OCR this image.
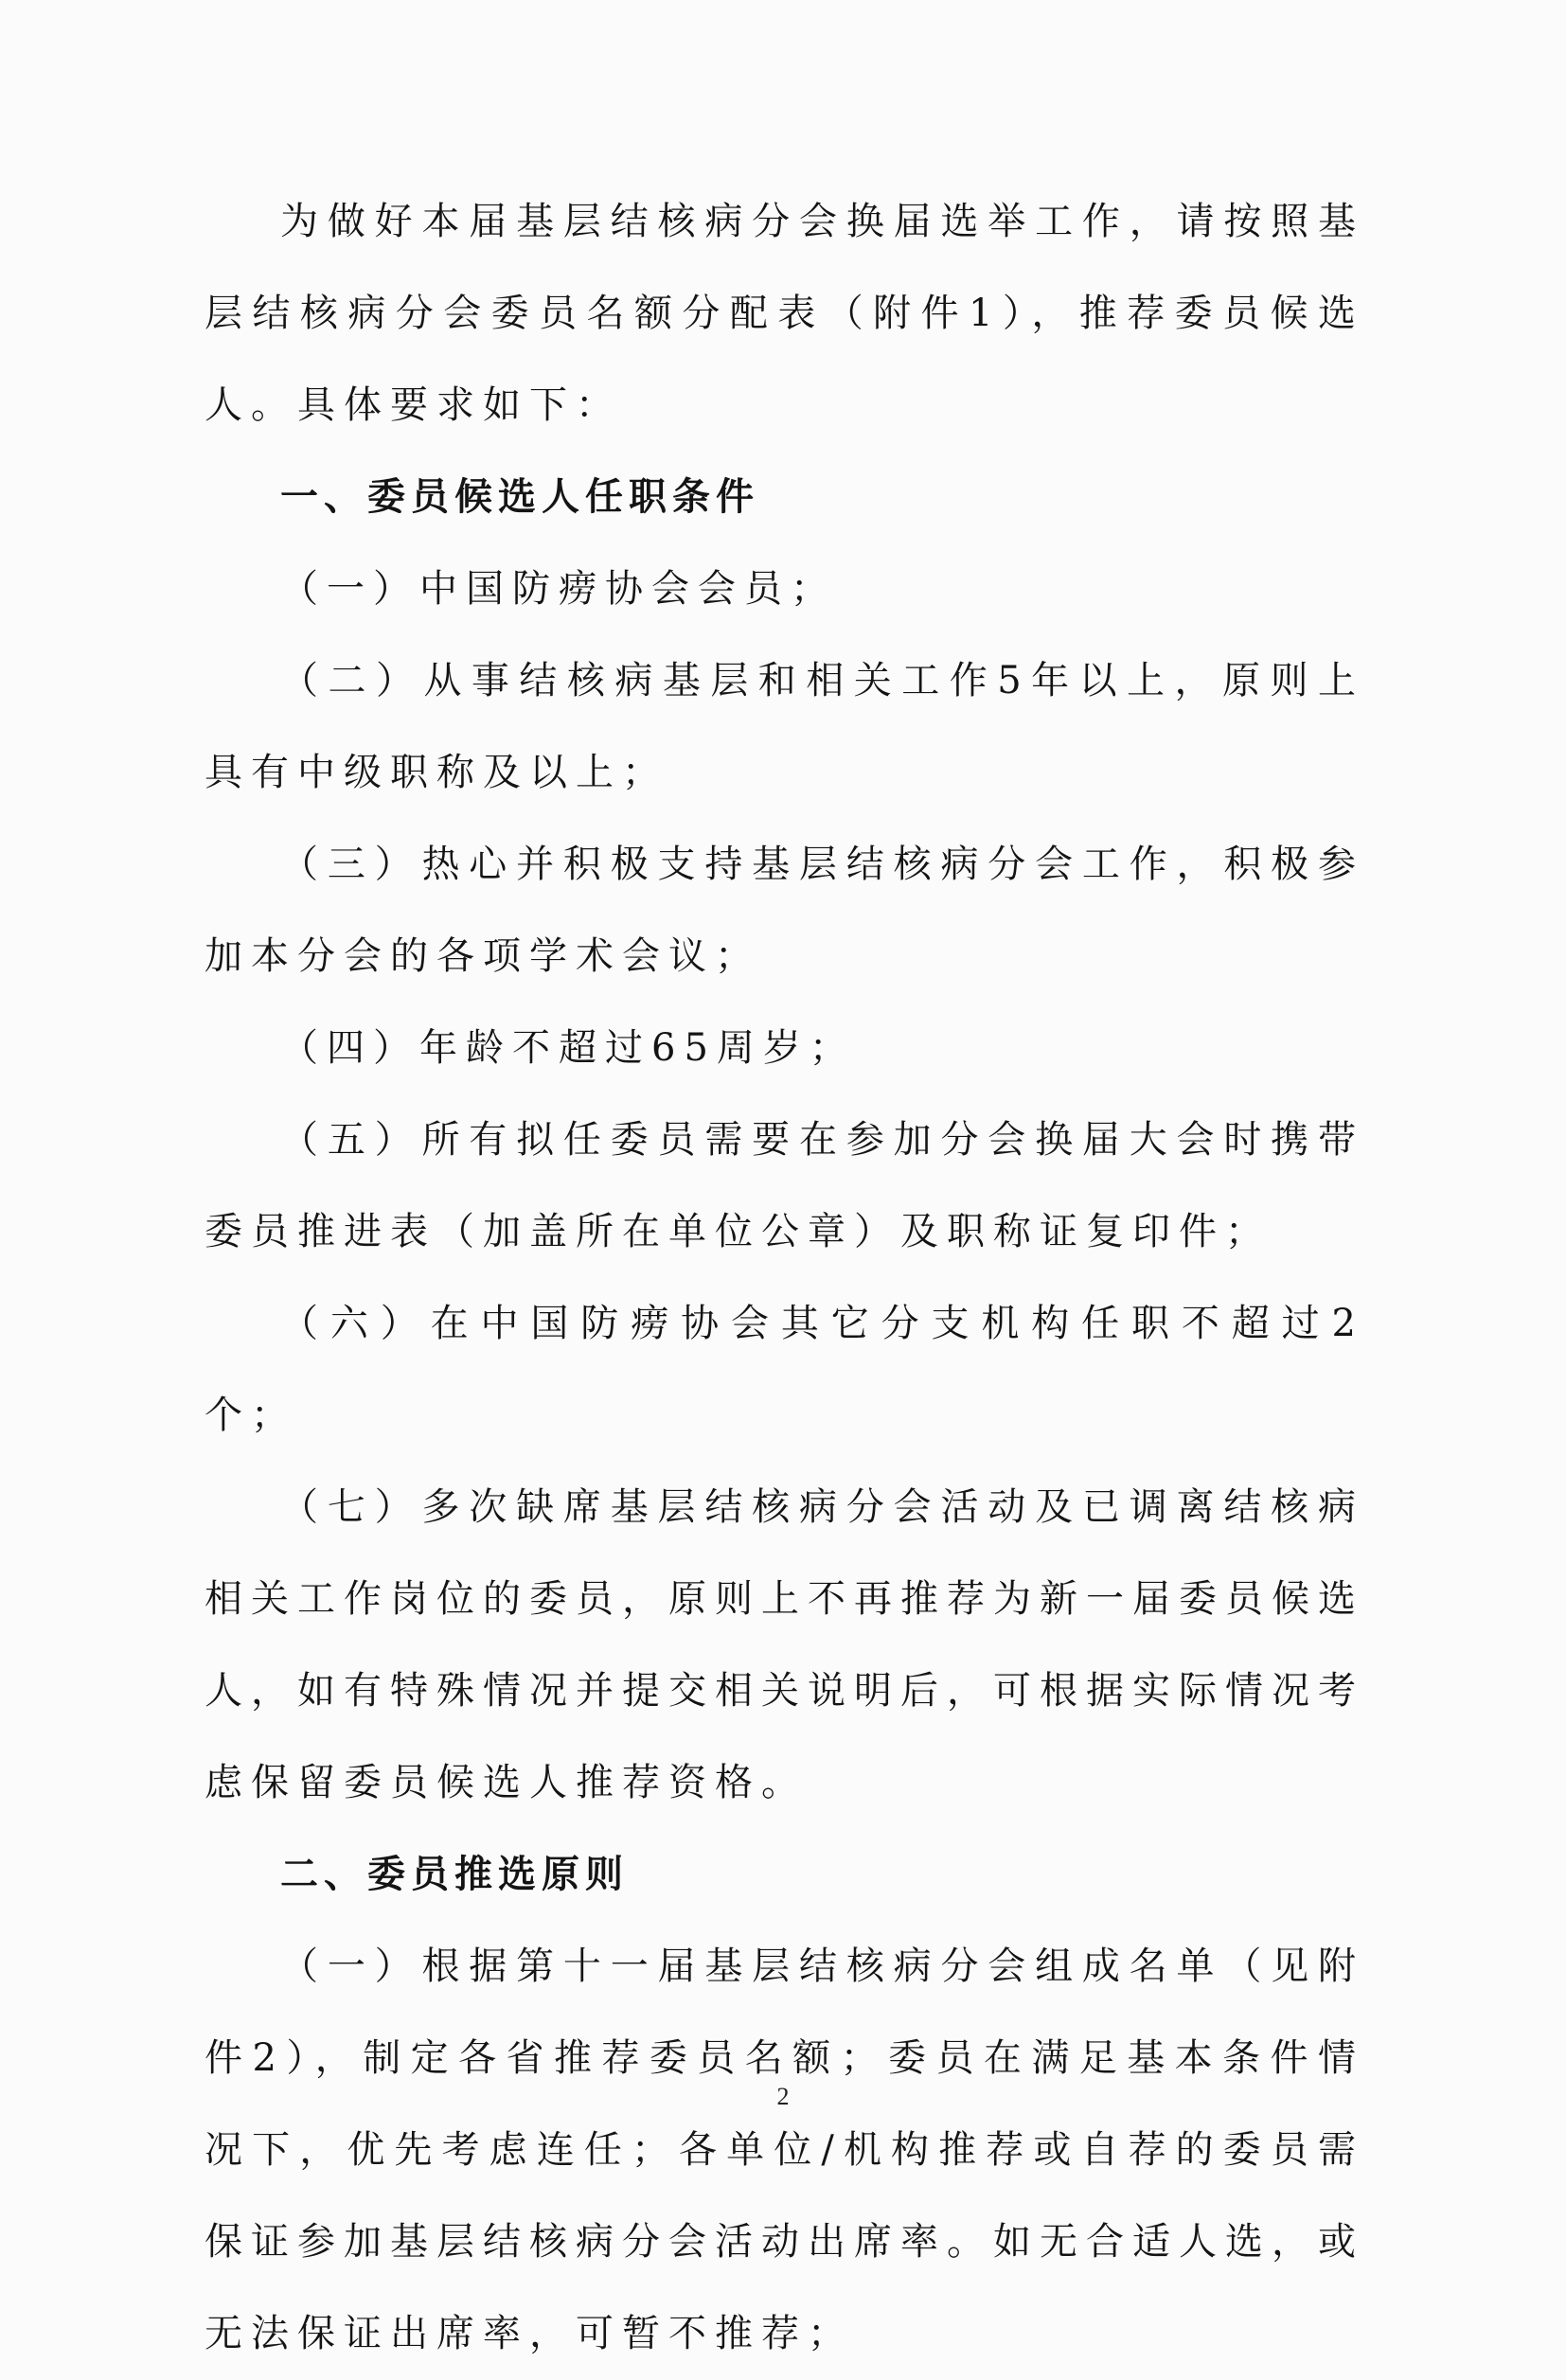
为做好本届基层结核病分会换届选举工作，请按照基层结核病分会委员名额分配表（附件1），推荐委员候选人。具体要求如下：

一、委员候选人任职条件

（一）中国防痨协会会员；

（二）从事结核病基层和相关工作5年以上，原则上具有中级职称及以上；

（三）热心并积极支持基层结核病分会工作，积极参加本分会的各项学术会议；

（四）年龄不超过65周岁；

（五）所有拟任委员需要在参加分会换届大会时携带委员推进表（加盖所在单位公章）及职称证复印件；

（六）在中国防痨协会其它分支机构任职不超过2个；

（七）多次缺席基层结核病分会活动及已调离结核病相关工作岗位的委员，原则上不再推荐为新一届委员候选人，如有特殊情况并提交相关说明后，可根据实际情况考虑保留委员候选人推荐资格。

二、委员推选原则

（一）根据第十一届基层结核病分会组成名单（见附件2），制定各省推荐委员名额；委员在满足基本条件情况下，优先考虑连任；各单位/机构推荐或自荐的委员需保证参加基层结核病分会活动出席率。如无合适人选，或无法保证出席率，可暂不推荐；

2
